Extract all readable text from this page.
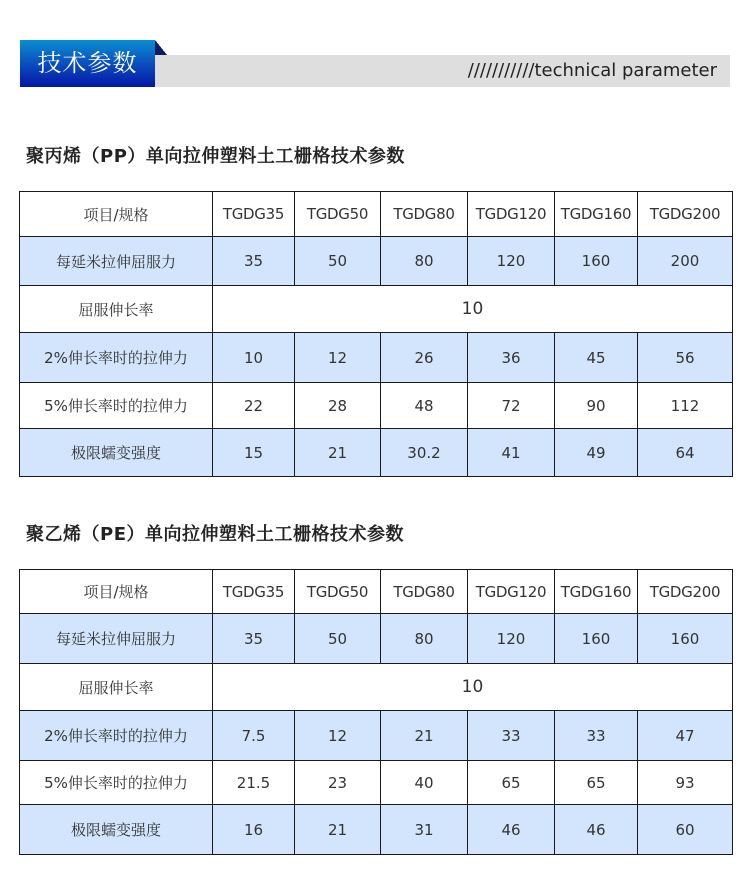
技术参数	///////////technical parameter
聚丙烯（PP）单向拉伸塑料土工栅格技术参数
项目/规格	TGDG35	TGDG50	TGDG80	TGDG120	TGDG160	TGDG200
每延米拉伸屈服力	35	50	80	120	160	200
屈服伸长率	10					
2%伸长率时的拉伸力	10	12	26	36	45	56
5%伸长率时的拉伸力	22	28	48	72	90	112
极限蠕变强度	15	21	30.2	41	49	64
聚乙烯（PE）单向拉伸塑料土工栅格技术参数
项目/规格	TGDG35	TGDG50	TGDG80	TGDG120	TGDG160	TGDG200
每延米拉伸屈服力	35	50	80	120	160	160
屈服伸长率	10					
2%伸长率时的拉伸力	7.5	12	21	33	33	47
5%伸长率时的拉伸力	21.5	23	40	65	65	93
极限蠕变强度	16	21	31	46	46	60
